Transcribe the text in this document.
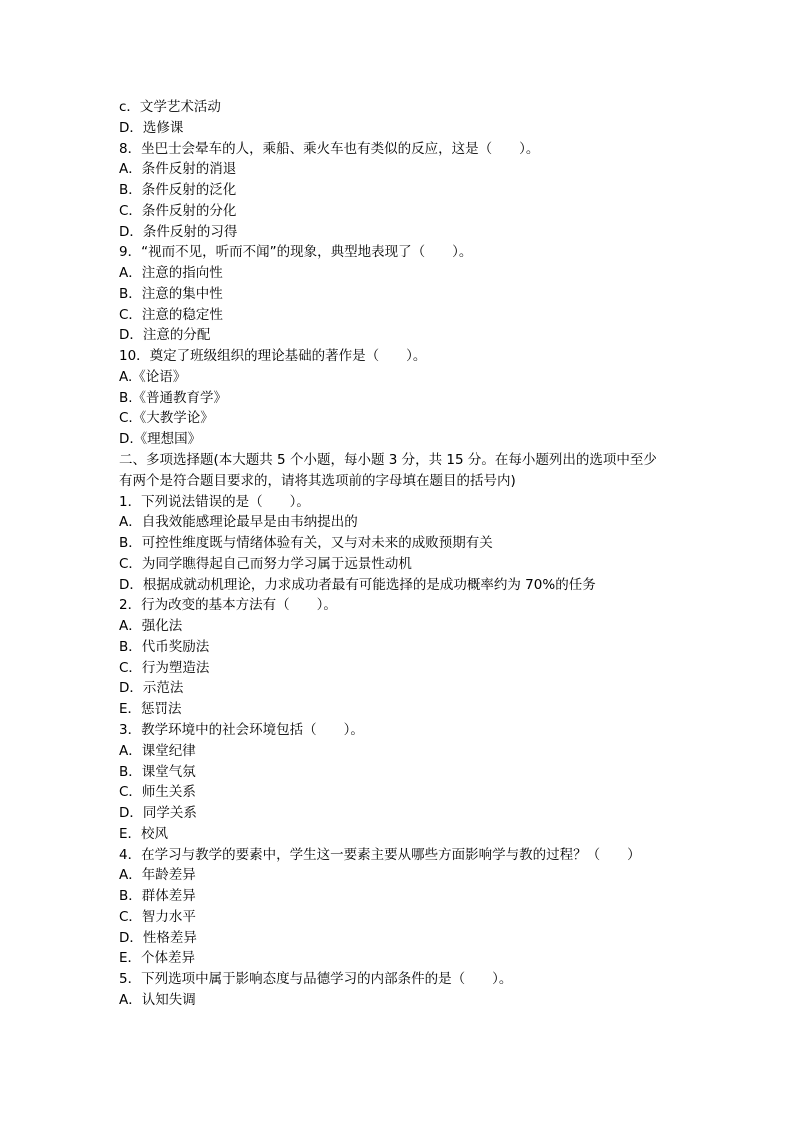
c．文学艺术活动
D．选修课
8．坐巴士会晕车的人，乘船、乘火车也有类似的反应，这是（　　）。
A．条件反射的消退
B．条件反射的泛化
C．条件反射的分化
D．条件反射的习得
9．“视而不见，听而不闻”的现象，典型地表现了（　　）。
A．注意的指向性
B．注意的集中性
C．注意的稳定性
D．注意的分配
10．奠定了班级组织的理论基础的著作是（　　）。
A.《论语》
B.《普通教育学》
C.《大教学论》
D.《理想国》
二、多项选择题(本大题共 5 个小题，每小题 3 分，共 15 分。在每小题列出的选项中至少
有两个是符合题目要求的，请将其选项前的字母填在题目的括号内)
1．下列说法错误的是（　　）。
A．自我效能感理论最早是由韦纳提出的
B．可控性维度既与情绪体验有关，又与对未来的成败预期有关
C．为同学瞧得起自己而努力学习属于远景性动机
D．根据成就动机理论，力求成功者最有可能选择的是成功概率约为 70%的任务
2．行为改变的基本方法有（　　）。
A．强化法
B．代币奖励法
C．行为塑造法
D．示范法
E．惩罚法
3．教学环境中的社会环境包括（　　）。
A．课堂纪律
B．课堂气氛
C．师生关系
D．同学关系
E．校风
4．在学习与教学的要素中，学生这一要素主要从哪些方面影响学与教的过程？（　　）
A．年龄差异
B．群体差异
C．智力水平
D．性格差异
E．个体差异
5．下列选项中属于影响态度与品德学习的内部条件的是（　　）。
A．认知失调
